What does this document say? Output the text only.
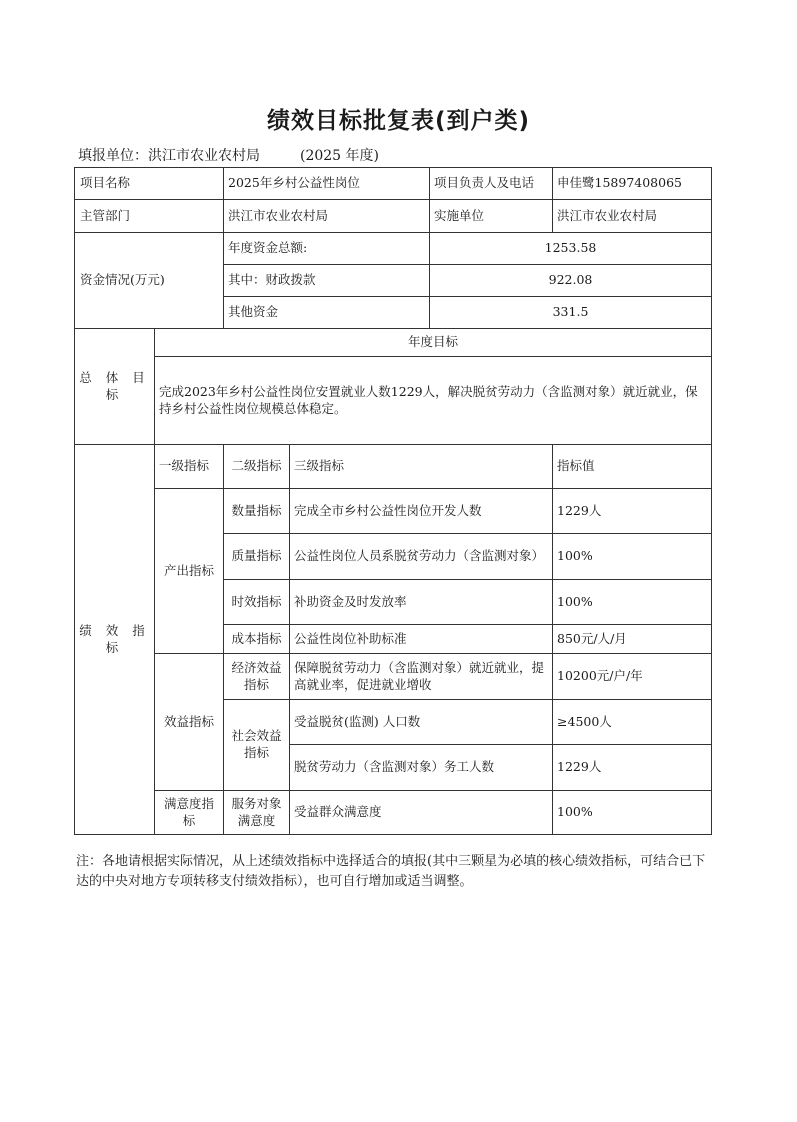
绩效目标批复表(到户类)
填报单位：洪江市农业农村局	(2025 年度)
项目名称		2025年乡村公益性岗位		项目负责人及电话	申佳鹭15897408065
主管部门		洪江市农业农村局		实施单位	洪江市农业农村局
资金情况(万元)		年度资金总额:		1253.58	
		其中：财政拨款		922.08	
		其他资金		331.5	
总 体 目 标	年度目标				
	完成2023年乡村公益性岗位安置就业人数1229人，解决脱贫劳动力（含监测对象）就近就业，保持乡村公益性岗位规模总体稳定。				
绩 效 指 标	一级指标	二级指标	三级指标		指标值
	产出指标	数量指标	完成全市乡村公益性岗位开发人数		1229人
		质量指标	公益性岗位人员系脱贫劳动力（含监测对象）		100%
		时效指标	补助资金及时发放率		100%
		成本指标	公益性岗位补助标准		850元/人/月
	效益指标	经济效益指标	保障脱贫劳动力（含监测对象）就近就业，提高就业率，促进就业增收		10200元/户/年
		社会效益指标	受益脱贫(监测) 人口数		≥4500人
			脱贫劳动力（含监测对象）务工人数		1229人
	满意度指标	服务对象满意度	受益群众满意度		100%
注：各地请根据实际情况，从上述绩效指标中选择适合的填报(其中三颗星为必填的核心绩效指标，可结合已下达的中央对地方专项转移支付绩效指标），也可自行增加或适当调整。
